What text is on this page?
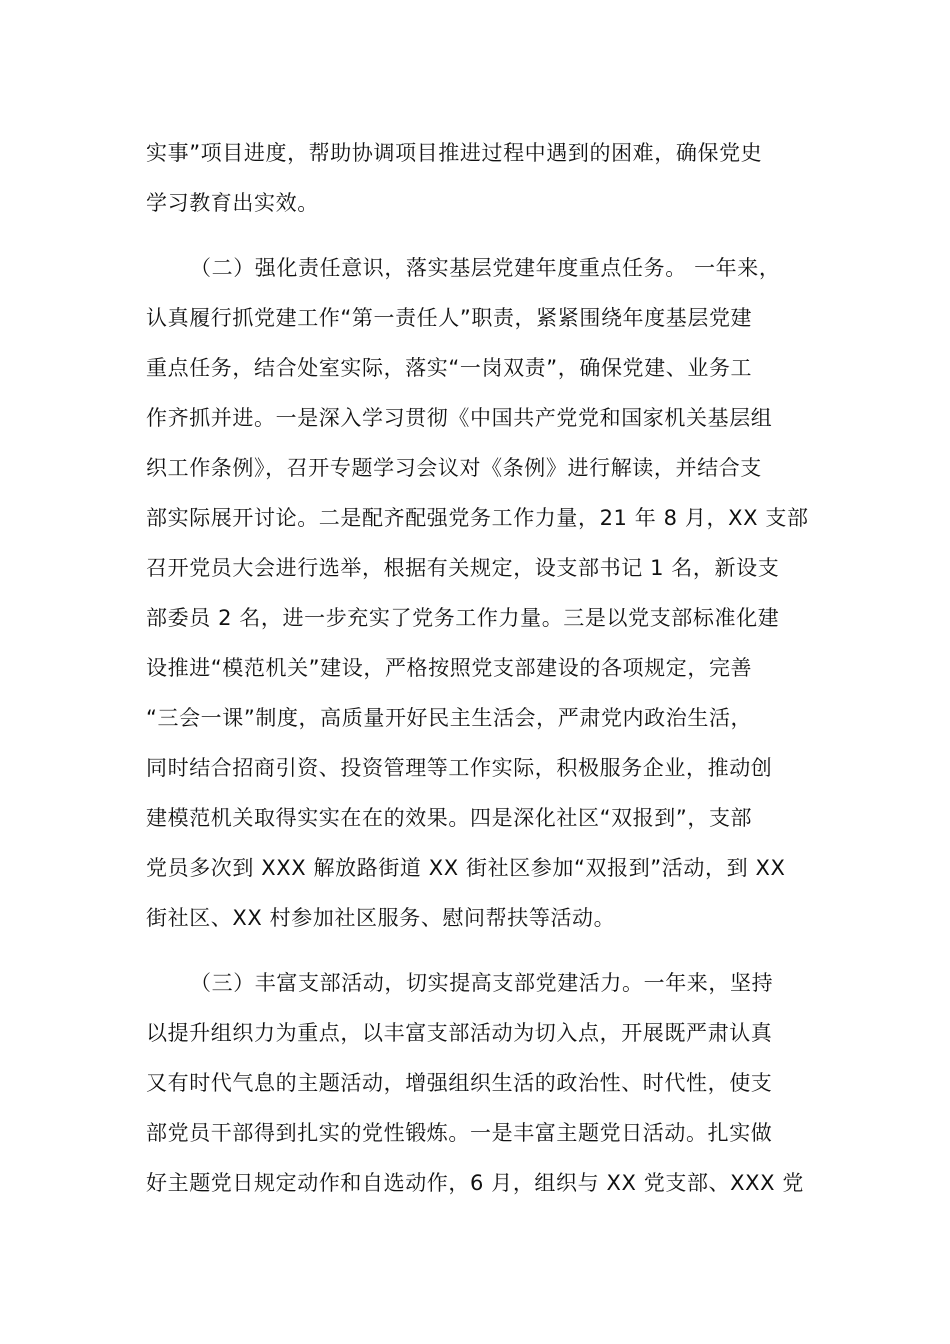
实事”项目进度，帮助协调项目推进过程中遇到的困难，确保党史
学习教育出实效。
（二）强化责任意识，落实基层党建年度重点任务。 一年来，
认真履行抓党建工作“第一责任人”职责，紧紧围绕年度基层党建
重点任务，结合处室实际，落实“一岗双责”，确保党建、业务工
作齐抓并进。一是深入学习贯彻《中国共产党党和国家机关基层组
织工作条例》，召开专题学习会议对《条例》进行解读，并结合支
部实际展开讨论。二是配齐配强党务工作力量，21 年 8 月，XX 支部
召开党员大会进行选举，根据有关规定，设支部书记 1 名，新设支
部委员 2 名，进一步充实了党务工作力量。三是以党支部标准化建
设推进“模范机关”建设，严格按照党支部建设的各项规定，完善
“三会一课”制度，高质量开好民主生活会，严肃党内政治生活，
同时结合招商引资、投资管理等工作实际，积极服务企业，推动创
建模范机关取得实实在在的效果。四是深化社区“双报到”，支部
党员多次到 XXX 解放路街道 XX 街社区参加“双报到”活动，到 XX
街社区、XX 村参加社区服务、慰问帮扶等活动。
（三）丰富支部活动，切实提高支部党建活力。一年来，坚持
以提升组织力为重点，以丰富支部活动为切入点，开展既严肃认真
又有时代气息的主题活动，增强组织生活的政治性、时代性，使支
部党员干部得到扎实的党性锻炼。一是丰富主题党日活动。扎实做
好主题党日规定动作和自选动作，6 月，组织与 XX 党支部、XXX 党
